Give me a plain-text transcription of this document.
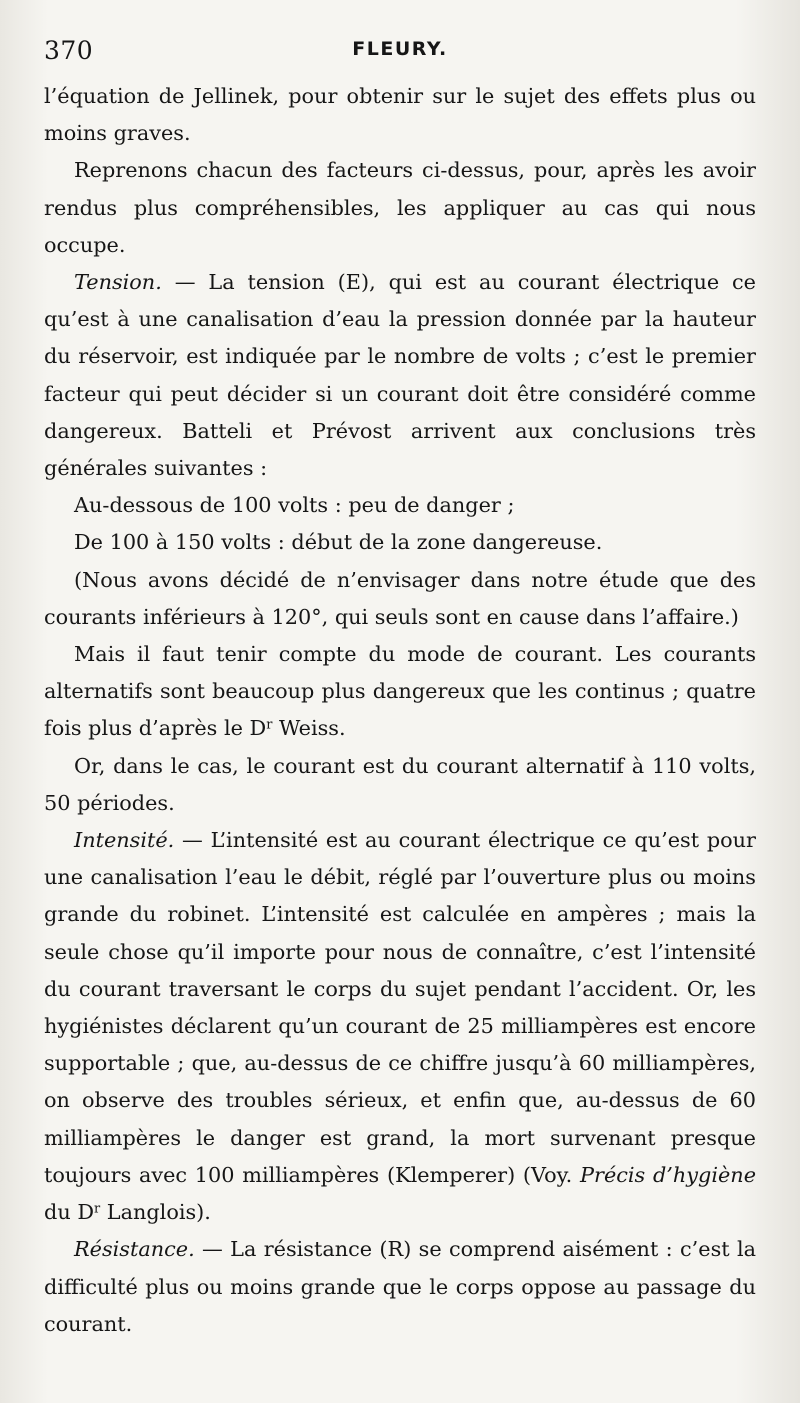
370	FLEURY.

l’équation de Jellinek, pour obtenir sur le sujet des effets plus ou moins graves.

Reprenons chacun des facteurs ci-dessus, pour, après les avoir rendus plus compréhensibles, les appliquer au cas qui nous occupe.

Tension. — La tension (E), qui est au courant électrique ce qu’est à une canalisation d’eau la pression donnée par la hauteur du réservoir, est indiquée par le nombre de volts ; c’est le premier facteur qui peut décider si un courant doit être considéré comme dangereux. Batteli et Prévost arrivent aux conclusions très générales suivantes :

Au-dessous de 100 volts : peu de danger ;

De 100 à 150 volts : début de la zone dangereuse.

(Nous avons décidé de n’envisager dans notre étude que des courants inférieurs à 120°, qui seuls sont en cause dans l’affaire.)

Mais il faut tenir compte du mode de courant. Les courants alternatifs sont beaucoup plus dangereux que les continus ; quatre fois plus d’après le $D^r$ Weiss.

Or, dans le cas, le courant est du courant alternatif à 110 volts, 50 périodes.

Intensité. — L’intensité est au courant électrique ce qu’est pour une canalisation l’eau le débit, réglé par l’ouverture plus ou moins grande du robinet. L’intensité est calculée en ampères ; mais la seule chose qu’il importe pour nous de connaître, c’est l’intensité du courant traversant le corps du sujet pendant l’accident. Or, les hygiénistes déclarent qu’un courant de 25 milliampères est encore supportable ; que, au-dessus de ce chiffre jusqu’à 60 milliampères, on observe des troubles sérieux, et enfin que, au-dessus de 60 milliampères le danger est grand, la mort survenant presque toujours avec 100 milliampères (Klemperer) (Voy. Précis d’hygiène du $D^r$ Langlois).

Résistance. — La résistance (R) se comprend aisément : c’est la difficulté plus ou moins grande que le corps oppose au passage du courant.
